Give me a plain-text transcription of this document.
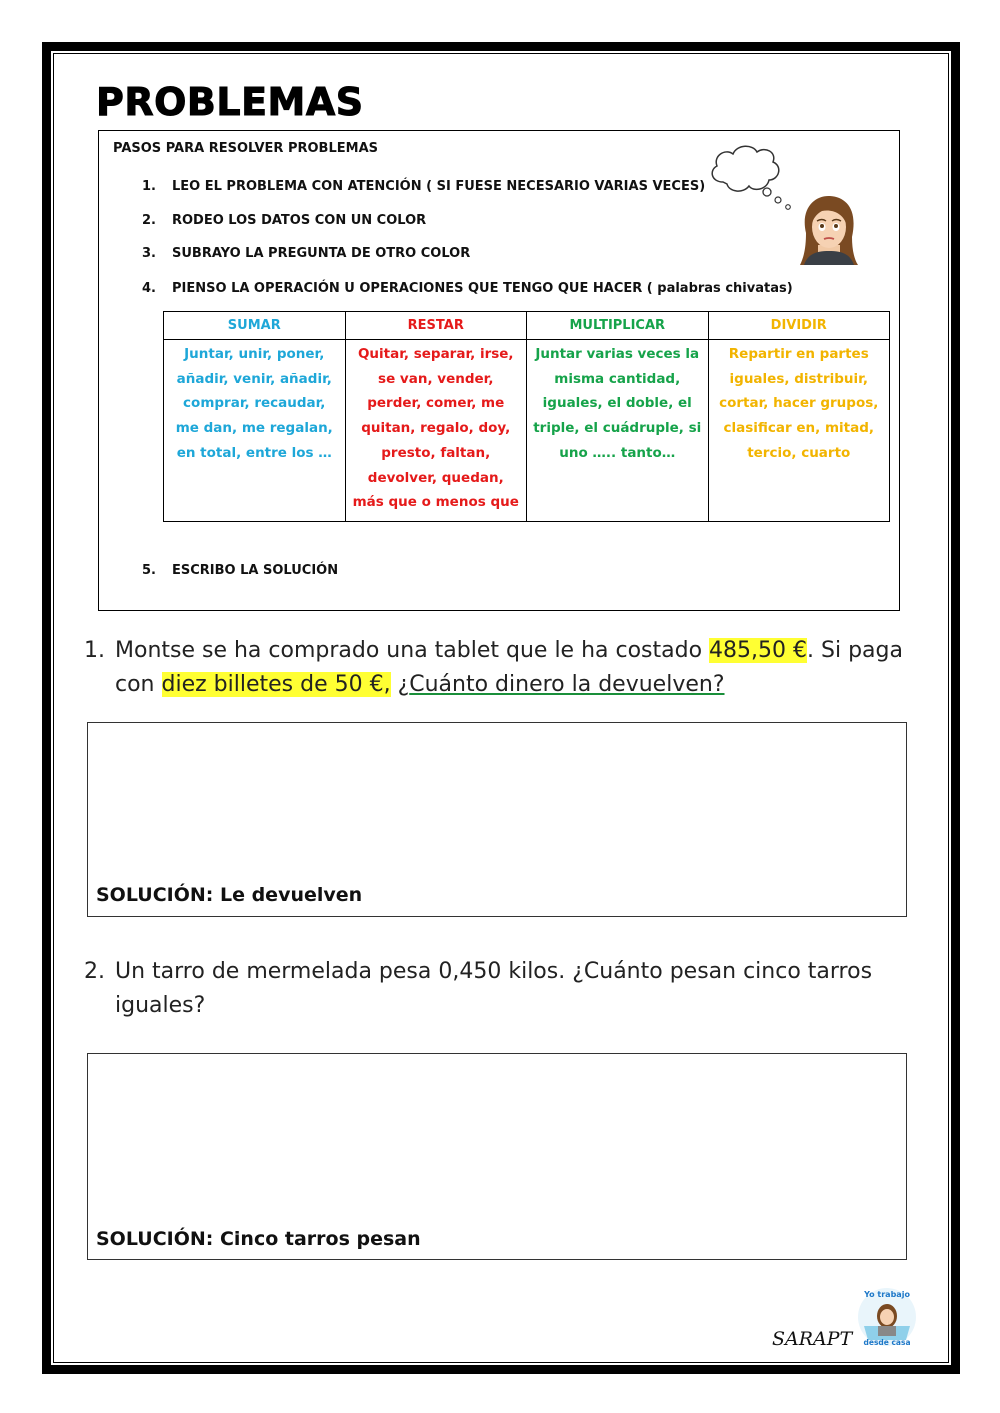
PROBLEMAS
PASOS PARA RESOLVER PROBLEMAS
1. LEO EL PROBLEMA CON ATENCIÓN ( SI FUESE NECESARIO VARIAS VECES)
2. RODEO LOS DATOS CON UN COLOR
3. SUBRAYO LA PREGUNTA DE OTRO COLOR
4. PIENSO LA OPERACIÓN U OPERACIONES QUE TENGO QUE HACER ( palabras chivatas)
5. ESCRIBO LA SOLUCIÓN
SUMAR	RESTAR	MULTIPLICAR	DIVIDIR
Juntar, unir, poner, añadir, venir, añadir, comprar, recaudar, me dan, me regalan, en total, entre los …	Quitar, separar, irse, se van, vender, perder, comer, me quitan, regalo, doy, presto, faltan, devolver, quedan, más que o menos que	Juntar varias veces la misma cantidad, iguales, el doble, el triple, el cuádruple, si uno ….. tanto…	Repartir en partes iguales, distribuir, cortar, hacer grupos, clasificar en, mitad, tercio, cuarto
1. Montse se ha comprado una tablet que le ha costado 485,50 €. Si paga con diez billetes de 50 €, ¿Cuánto dinero la devuelven?
SOLUCIÓN: Le devuelven
2. Un tarro de mermelada pesa 0,450 kilos. ¿Cuánto pesan cinco tarros iguales?
SOLUCIÓN: Cinco tarros pesan
SARAPT
Yo trabajo
desde casa
